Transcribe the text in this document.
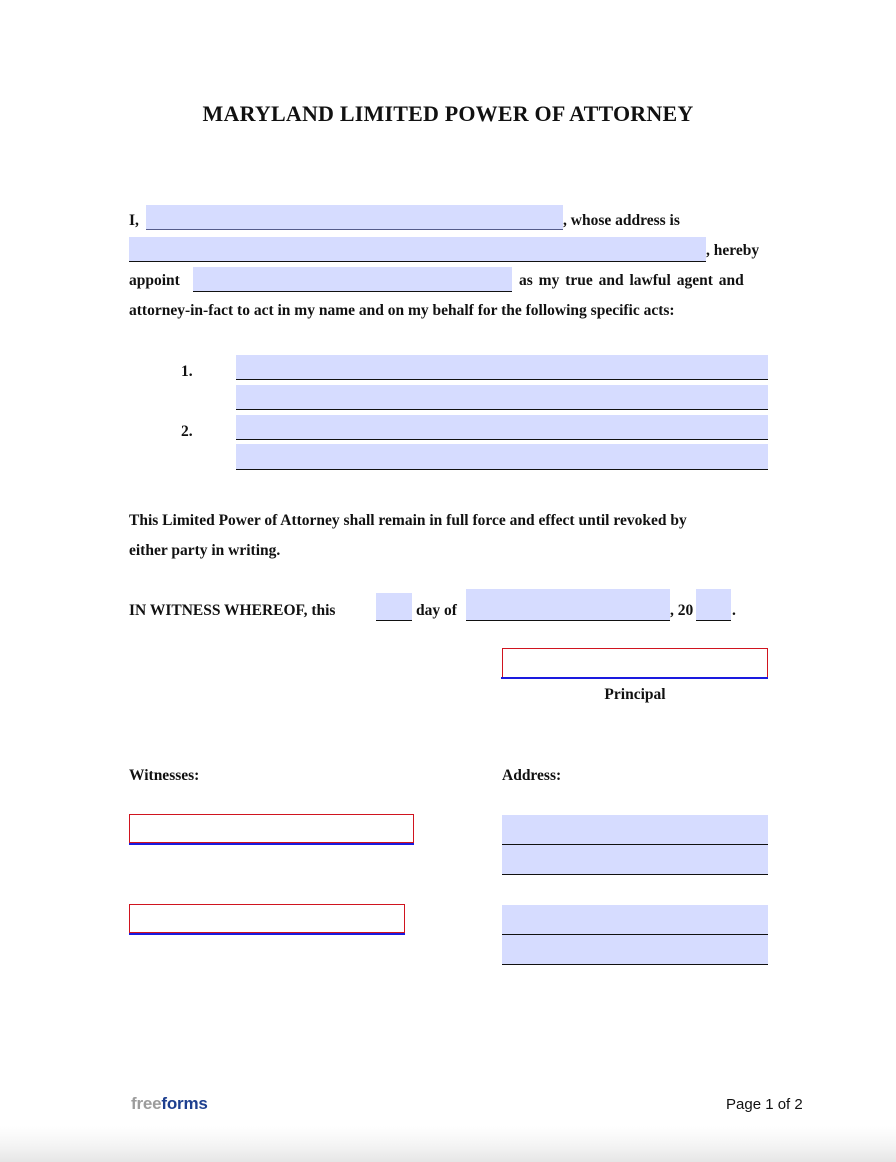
MARYLAND LIMITED POWER OF ATTORNEY
I,	, whose address is
, hereby
appoint	as my true and lawful agent and
attorney-in-fact to act in my name and on my behalf for the following specific acts:
1.
2.
This Limited Power of Attorney shall remain in full force and effect until revoked by
either party in writing.
IN WITNESS WHEREOF, this	day of	, 20	.
Principal
Witnesses:	Address:
freeforms	Page 1 of 2
